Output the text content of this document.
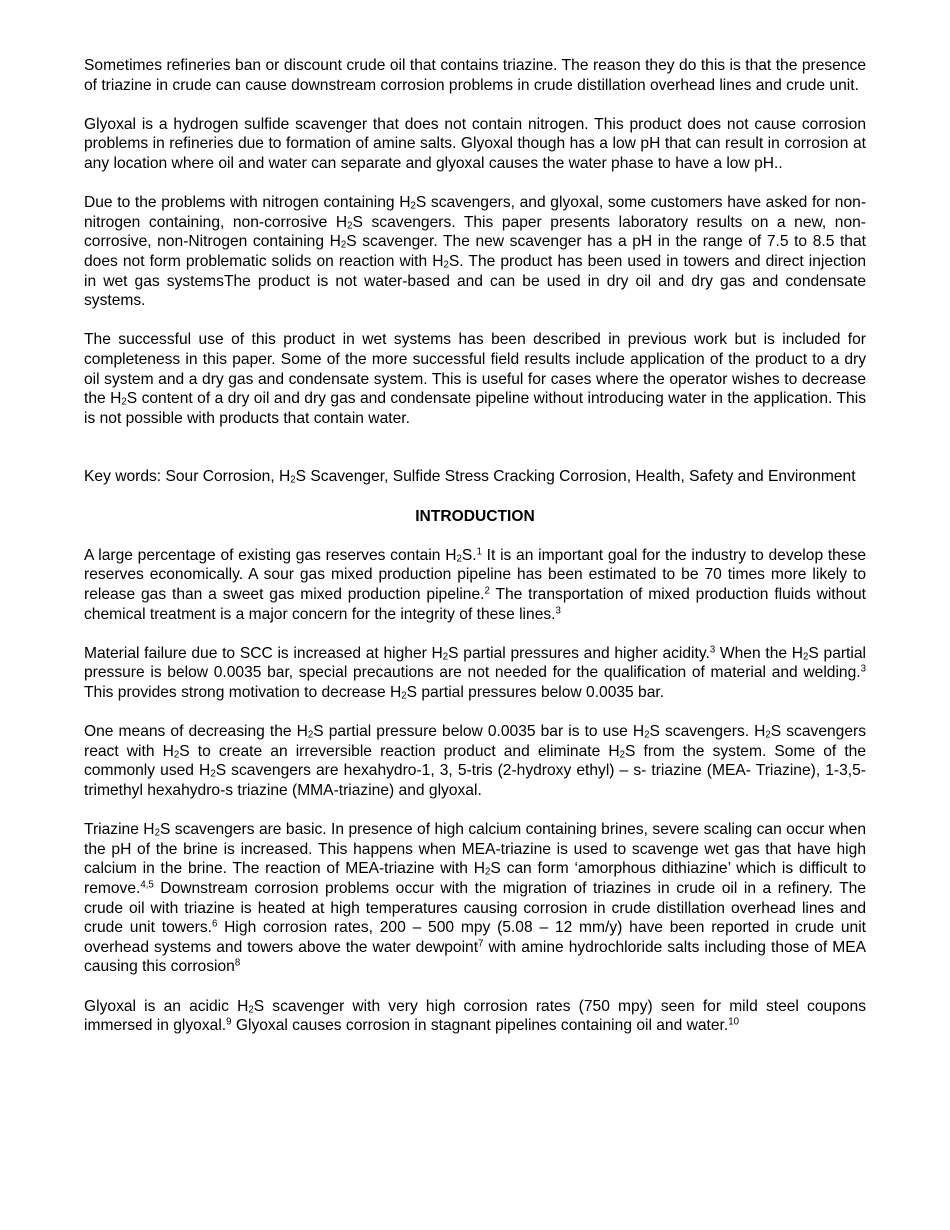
Sometimes refineries ban or discount crude oil that contains triazine. The reason they do this is that the presence of triazine in crude can cause downstream corrosion problems in crude distillation overhead lines and crude unit.

Glyoxal is a hydrogen sulfide scavenger that does not contain nitrogen. This product does not cause corrosion problems in refineries due to formation of amine salts. Glyoxal though has a low pH that can result in corrosion at any location where oil and water can separate and glyoxal causes the water phase to have a low pH..

Due to the problems with nitrogen containing $H_2S$ scavengers, and glyoxal, some customers have asked for non-nitrogen containing, non-corrosive $H_2S$ scavengers. This paper presents laboratory results on a new, non-corrosive, non-Nitrogen containing $H_2S$ scavenger. The new scavenger has a pH in the range of 7.5 to 8.5 that does not form problematic solids on reaction with $H_2S$. The product has been used in towers and direct injection in wet gas systemsThe product is not water-based and can be used in dry oil and dry gas and condensate systems.

The successful use of this product in wet systems has been described in previous work but is included for completeness in this paper. Some of the more successful field results include application of the product to a dry oil system and a dry gas and condensate system. This is useful for cases where the operator wishes to decrease the $H_2S$ content of a dry oil and dry gas and condensate pipeline without introducing water in the application. This is not possible with products that contain water.

Key words: Sour Corrosion, $H_2S$ Scavenger, Sulfide Stress Cracking Corrosion, Health, Safety and Environment

INTRODUCTION

A large percentage of existing gas reserves contain $H_2S.^1$ It is an important goal for the industry to develop these reserves economically. A sour gas mixed production pipeline has been estimated to be 70 times more likely to release gas than a sweet gas mixed production pipeline.$^2$ The transportation of mixed production fluids without chemical treatment is a major concern for the integrity of these lines.$^3$

Material failure due to SCC is increased at higher $H_2S$ partial pressures and higher acidity.$^3$ When the $H_2S$ partial pressure is below 0.0035 bar, special precautions are not needed for the qualification of material and welding.$^3$ This provides strong motivation to decrease $H_2S$ partial pressures below 0.0035 bar.

One means of decreasing the $H_2S$ partial pressure below 0.0035 bar is to use $H_2S$ scavengers. $H_2S$ scavengers react with $H_2S$ to create an irreversible reaction product and eliminate $H_2S$ from the system. Some of the commonly used $H_2S$ scavengers are hexahydro-1, 3, 5-tris (2-hydroxy ethyl) – s- triazine (MEA- Triazine), 1-3,5-trimethyl hexahydro-s triazine (MMA-triazine) and glyoxal.

Triazine $H_2S$ scavengers are basic. In presence of high calcium containing brines, severe scaling can occur when the pH of the brine is increased. This happens when MEA-triazine is used to scavenge wet gas that have high calcium in the brine. The reaction of MEA-triazine with $H_2S$ can form ‘amorphous dithiazine’ which is difficult to remove.$^{4,5}$ Downstream corrosion problems occur with the migration of triazines in crude oil in a refinery. The crude oil with triazine is heated at high temperatures causing corrosion in crude distillation overhead lines and crude unit towers.$^6$ High corrosion rates, 200 – 500 mpy (5.08 – 12 mm/y) have been reported in crude unit overhead systems and towers above the water dewpoint$^7$ with amine hydrochloride salts including those of MEA causing this corrosion$^8$

Glyoxal is an acidic $H_2S$ scavenger with very high corrosion rates (750 mpy) seen for mild steel coupons immersed in glyoxal.$^9$ Glyoxal causes corrosion in stagnant pipelines containing oil and water.$^{10}$
